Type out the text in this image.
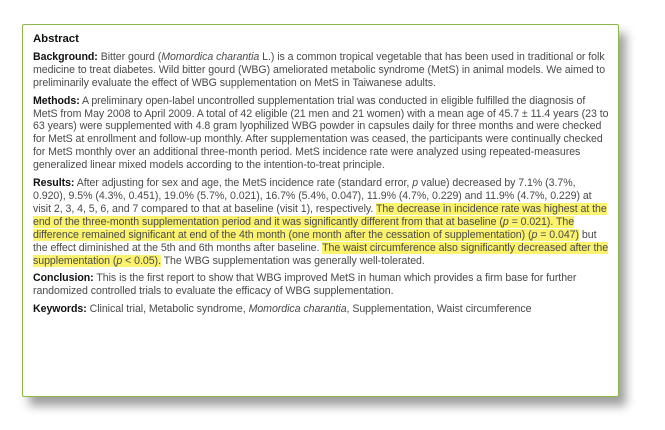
Abstract

Background: Bitter gourd (Momordica charantia L.) is a common tropical vegetable that has been used in traditional or folk medicine to treat diabetes. Wild bitter gourd (WBG) ameliorated metabolic syndrome (MetS) in animal models. We aimed to preliminarily evaluate the effect of WBG supplementation on MetS in Taiwanese adults.

Methods: A preliminary open-label uncontrolled supplementation trial was conducted in eligible fulfilled the diagnosis of MetS from May 2008 to April 2009. A total of 42 eligible (21 men and 21 women) with a mean age of 45.7 ± 11.4 years (23 to 63 years) were supplemented with 4.8 gram lyophilized WBG powder in capsules daily for three months and were checked for MetS at enrollment and follow-up monthly. After supplementation was ceased, the participants were continually checked for MetS monthly over an additional three-month period. MetS incidence rate were analyzed using repeated-measures generalized linear mixed models according to the intention-to-treat principle.

Results: After adjusting for sex and age, the MetS incidence rate (standard error, p value) decreased by 7.1% (3.7%, 0.920), 9.5% (4.3%, 0.451), 19.0% (5.7%, 0.021), 16.7% (5.4%, 0.047), 11.9% (4.7%, 0.229) and 11.9% (4.7%, 0.229) at visit 2, 3, 4, 5, 6, and 7 compared to that at baseline (visit 1), respectively. The decrease in incidence rate was highest at the end of the three-month supplementation period and it was significantly different from that at baseline (p = 0.021). The difference remained significant at end of the 4th month (one month after the cessation of supplementation) (p = 0.047) but the effect diminished at the 5th and 6th months after baseline. The waist circumference also significantly decreased after the supplementation (p < 0.05). The WBG supplementation was generally well-tolerated.

Conclusion: This is the first report to show that WBG improved MetS in human which provides a firm base for further randomized controlled trials to evaluate the efficacy of WBG supplementation.

Keywords: Clinical trial, Metabolic syndrome, Momordica charantia, Supplementation, Waist circumference
